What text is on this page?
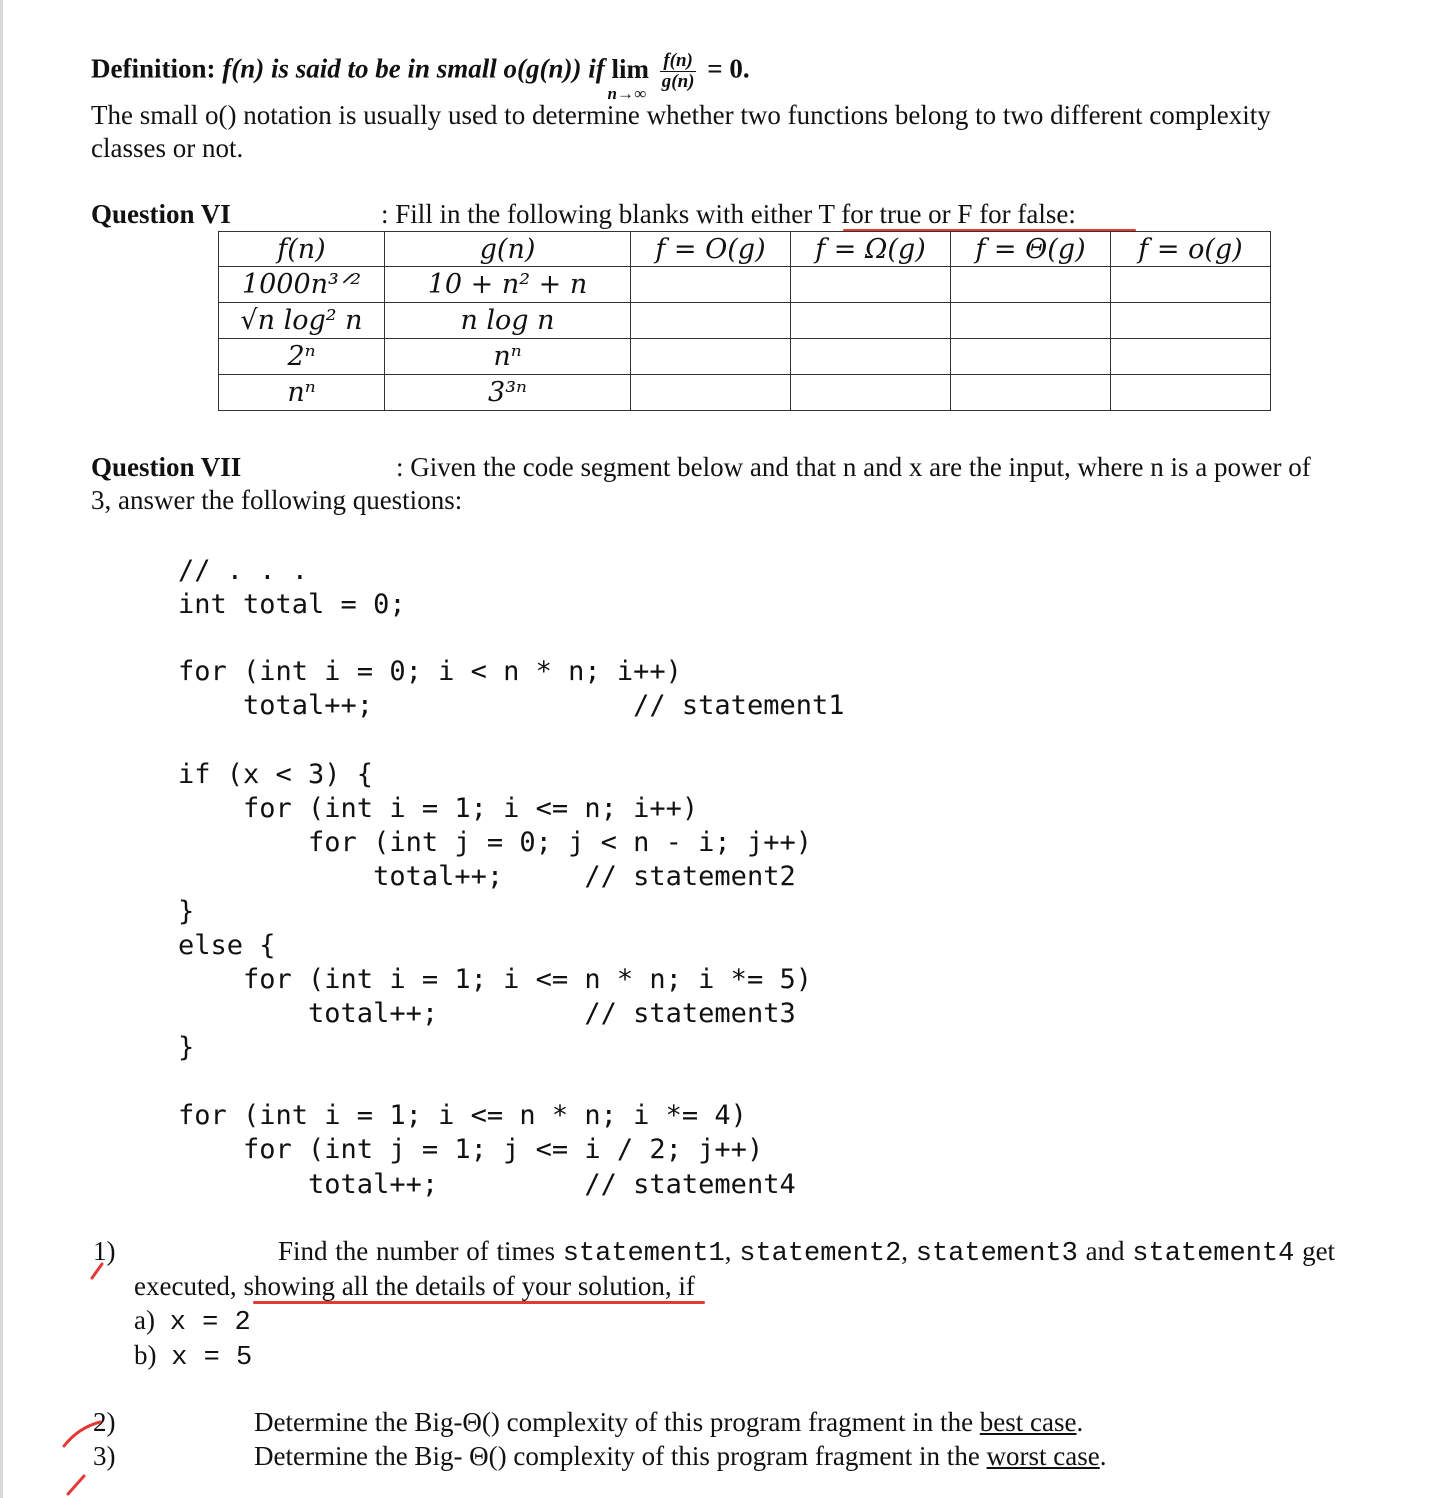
Definition: f(n) is said to be in small o(g(n)) if lim
n→∞

$\frac{f(n)}{g(n)} = 0$.
The small o() notation is usually used to determine whether two functions belong to two different complexity
classes or not.
Question VI	: Fill in the following blanks with either T for true or F for false:
f(n)	g(n)	f = O(g)	f = Ω(g)	f = Θ(g)	f = o(g)
1000n³ᐟ²	10 + n² + n				
√n log² n	n log n				
2ⁿ	nⁿ				
nⁿ	3³ⁿ				
Question VII	: Given the code segment below and that n and x are the input, where n is a power of
3, answer the following questions:
// . . .
int total = 0;
for (int i = 0; i < n * n; i++)
total++;                // statement1
if (x < 3) {
for (int i = 1; i <= n; i++)
for (int j = 0; j < n - i; j++)
total++;     // statement2
}
else {
for (int i = 1; i <= n * n; i *= 5)
total++;         // statement3
}
for (int i = 1; i <= n * n; i *= 4)
for (int j = 1; j <= i / 2; j++)
total++;         // statement4
1)	Find the number of times statement1, statement2, statement3 and statement4 get
executed, showing all the details of your solution, if
a) x = 2
b) x = 5
2)	Determine the Big-Θ() complexity of this program fragment in the best case.
3)	Determine the Big- Θ() complexity of this program fragment in the worst case.
